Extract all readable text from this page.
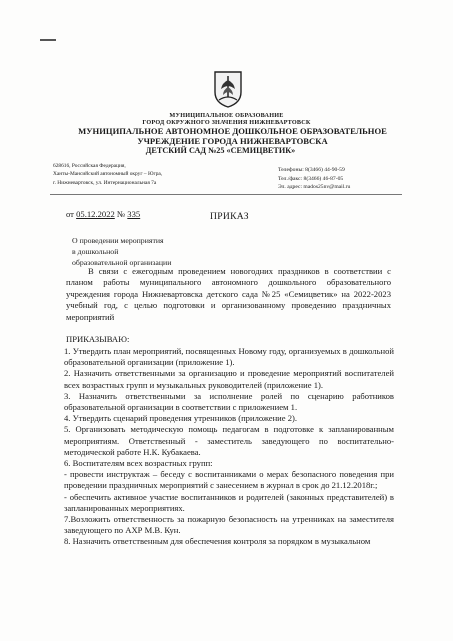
МУНИЦИПАЛЬНОЕ ОБРАЗОВАНИЕ
ГОРОД ОКРУЖНОГО ЗНАЧЕНИЯ НИЖНЕВАРТОВСК
МУНИЦИПАЛЬНОЕ АВТОНОМНОЕ ДОШКОЛЬНОЕ ОБРАЗОВАТЕЛЬНОЕ
УЧРЕЖДЕНИЕ ГОРОДА НИЖНЕВАРТОВСКА
ДЕТСКИЙ САД №25 «СЕМИЦВЕТИК»
628616, Российская Федерация,
Ханты-Мансийский автономный округ – Югра,
г. Нижневартовск, ул. Интернациональная 7а
Телефоны: 8(3466) 44-90-59
Тел./факс: 8(3466) 46-87-05
Эл. адрес: mados25nv@mail.ru
от 05.12.2022 № 335	ПРИКАЗ
О проведении мероприятия
в дошкольной
образовательной организации
В связи с ежегодным проведением новогодних праздников в соответствии с планом работы муниципального автономного дошкольного образовательного учреждения города Нижневартовска детского сада №25 «Семицветик» на 2022-2023 учебный год, с целью подготовки и организованному проведению праздничных мероприятий
ПРИКАЗЫВАЮ:

1. Утвердить план мероприятий, посвященных Новому году, организуемых в дошкольной образовательной организации (приложение 1).

2. Назначить ответственными за организацию и проведение мероприятий воспитателей всех возрастных групп и музыкальных руководителей (приложение 1).

3. Назначить ответственными за исполнение ролей по сценарию работников образовательной организации в соответствии с приложением 1.

4. Утвердить сценарий проведения утренников (приложение 2).

5. Организовать методическую помощь педагогам в подготовке к запланированным мероприятиям. Ответственный - заместитель заведующего по воспитательно-методической работе Н.К. Кубакаева.

6. Воспитателям всех возрастных групп:

- провести инструктаж – беседу с воспитанниками о мерах безопасного поведения при проведении праздничных мероприятий с занесением в журнал в срок до 21.12.2018г.;

- обеспечить активное участие воспитанников и родителей (законных представителей) в запланированных мероприятиях.

7.Возложить ответственность за пожарную безопасность на утренниках на заместителя заведующего по АХР М.В. Кун.

8. Назначить ответственным для обеспечения контроля за порядком в музыкальном
